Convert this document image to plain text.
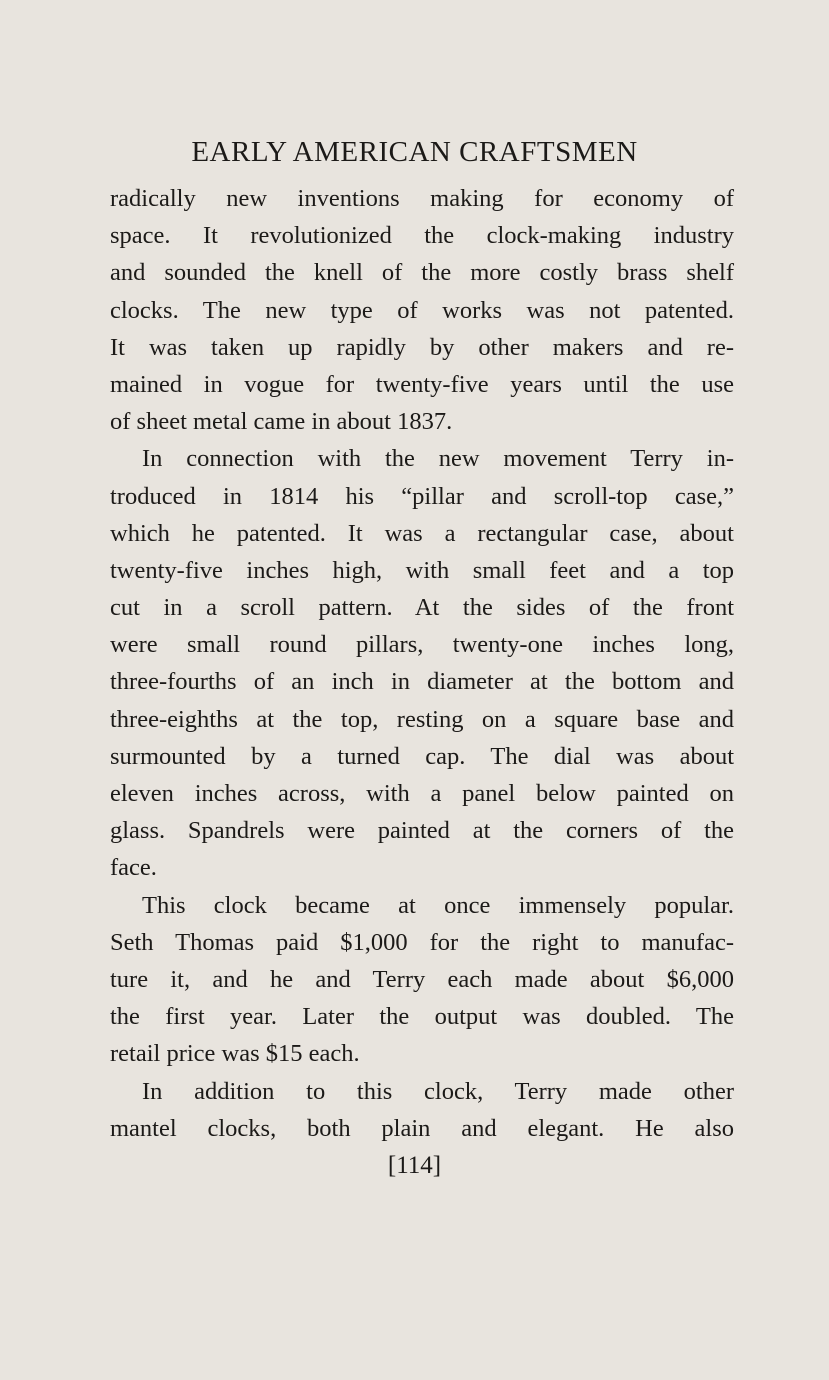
EARLY AMERICAN CRAFTSMEN
radically new inventions making for economy of
space. It revolutionized the clock-making industry
and sounded the knell of the more costly brass shelf
clocks. The new type of works was not patented.
It was taken up rapidly by other makers and re-
mained in vogue for twenty-five years until the use
of sheet metal came in about 1837.
In connection with the new movement Terry in-
troduced in 1814 his “pillar and scroll-top case,”
which he patented. It was a rectangular case, about
twenty-five inches high, with small feet and a top
cut in a scroll pattern. At the sides of the front
were small round pillars, twenty-one inches long,
three-fourths of an inch in diameter at the bottom and
three-eighths at the top, resting on a square base and
surmounted by a turned cap. The dial was about
eleven inches across, with a panel below painted on
glass. Spandrels were painted at the corners of the
face.
This clock became at once immensely popular.
Seth Thomas paid $1,000 for the right to manufac-
ture it, and he and Terry each made about $6,000
the first year. Later the output was doubled. The
retail price was $15 each.
In addition to this clock, Terry made other
mantel clocks, both plain and elegant. He also
[114]
